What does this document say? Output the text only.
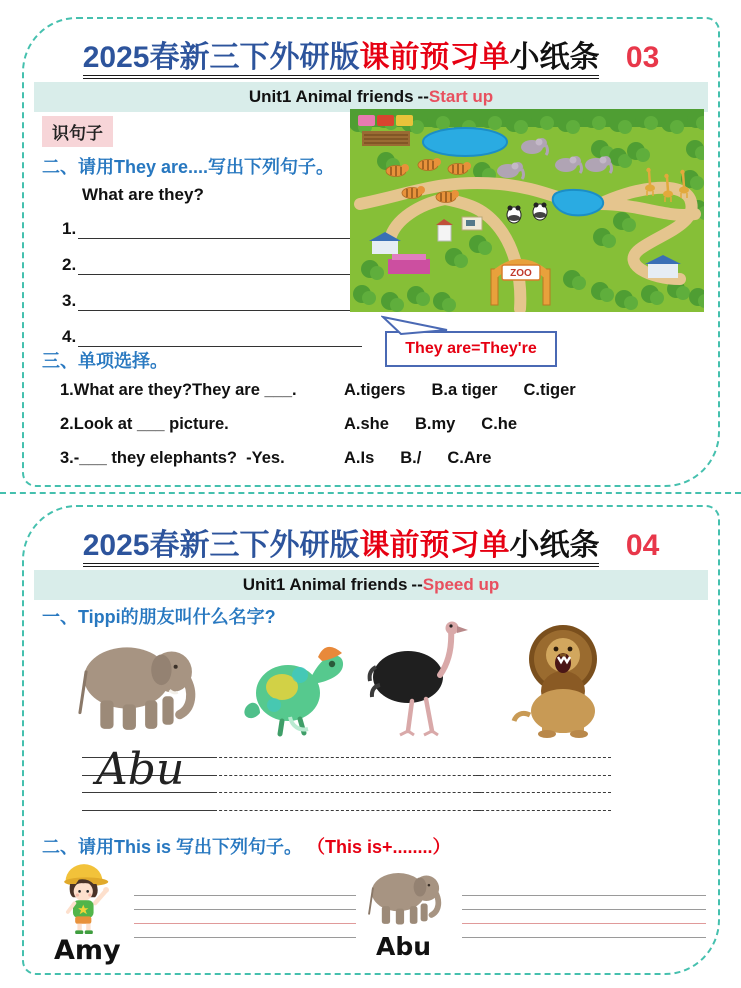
2025春新三下外研版课前预习单小纸条 03
Unit1 Animal friends --Start up
识句子
二、请用They are....写出下列句子。
What are they?
1.
2.
3.
4.
ZOO
They are=They're
三、单项选择。
1.What are they?They are ___.	A.tigers B.a tiger C.tiger
2.Look at ___ picture.	A.she B.my C.he
3.-___ they elephants?  -Yes.	A.Is B./ C.Are
2025春新三下外研版课前预习单小纸条 04
Unit1 Animal friends --Speed up
一、Tippi的朋友叫什么名字?
Abu
二、请用This is 写出下列句子。 （This is+........）
Amy	Abu
